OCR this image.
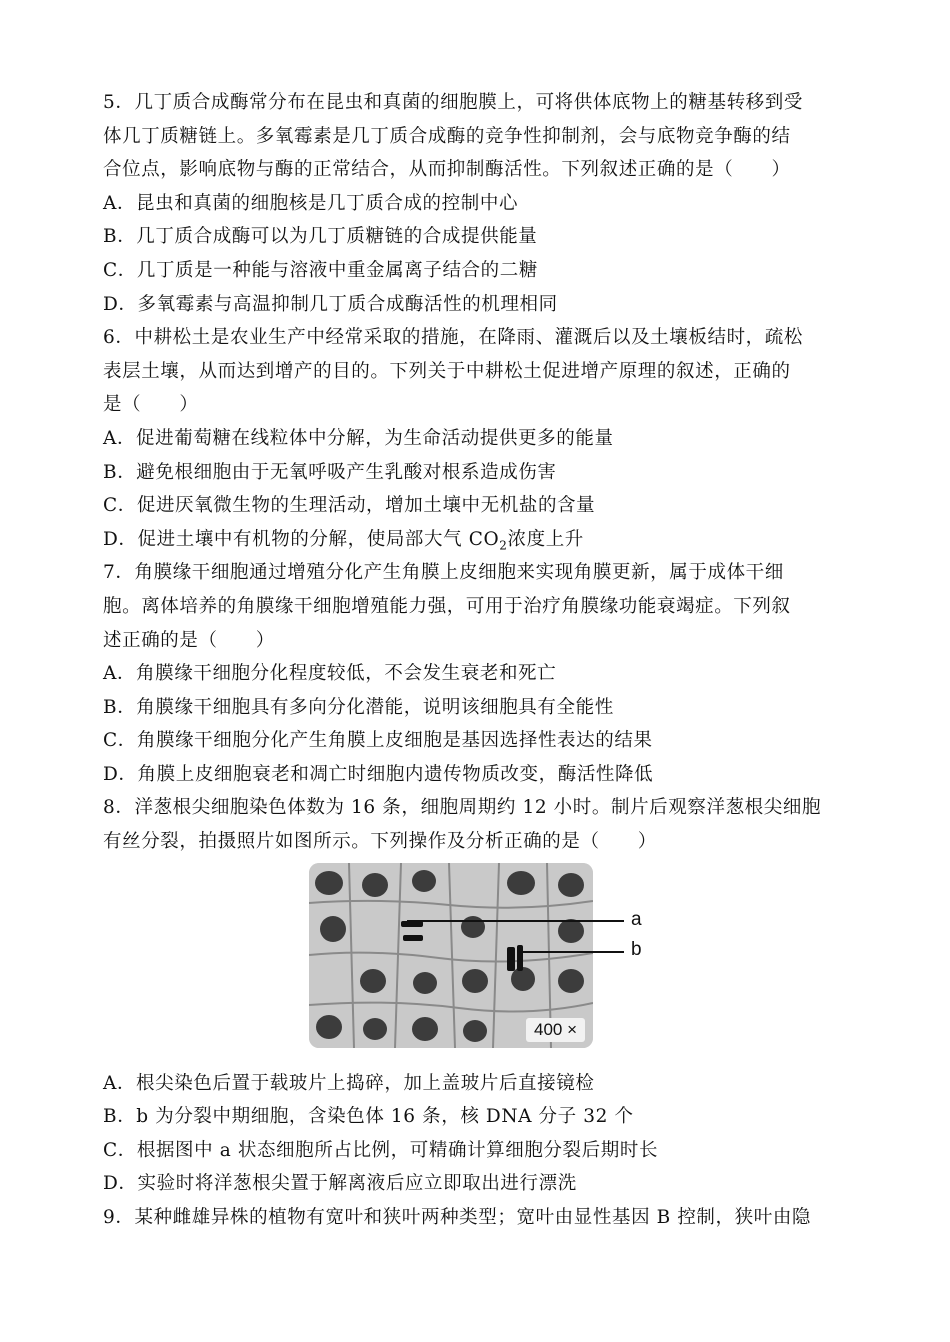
5．几丁质合成酶常分布在昆虫和真菌的细胞膜上，可将供体底物上的糖基转移到受
体几丁质糖链上。多氧霉素是几丁质合成酶的竞争性抑制剂，会与底物竞争酶的结
合位点，影响底物与酶的正常结合，从而抑制酶活性。下列叙述正确的是（　　）
A．昆虫和真菌的细胞核是几丁质合成的控制中心
B．几丁质合成酶可以为几丁质糖链的合成提供能量
C．几丁质是一种能与溶液中重金属离子结合的二糖
D．多氧霉素与高温抑制几丁质合成酶活性的机理相同
6．中耕松土是农业生产中经常采取的措施，在降雨、灌溉后以及土壤板结时，疏松
表层土壤，从而达到增产的目的。下列关于中耕松土促进增产原理的叙述，正确的
是（　　）
A．促进葡萄糖在线粒体中分解，为生命活动提供更多的能量
B．避免根细胞由于无氧呼吸产生乳酸对根系造成伤害
C．促进厌氧微生物的生理活动，增加土壤中无机盐的含量
D．促进土壤中有机物的分解，使局部大气 $CO_2$浓度上升
7．角膜缘干细胞通过增殖分化产生角膜上皮细胞来实现角膜更新，属于成体干细
胞。离体培养的角膜缘干细胞增殖能力强，可用于治疗角膜缘功能衰竭症。下列叙
述正确的是（　　）
A．角膜缘干细胞分化程度较低，不会发生衰老和死亡
B．角膜缘干细胞具有多向分化潜能，说明该细胞具有全能性
C．角膜缘干细胞分化产生角膜上皮细胞是基因选择性表达的结果
D．角膜上皮细胞衰老和凋亡时细胞内遗传物质改变，酶活性降低
8．洋葱根尖细胞染色体数为 16 条，细胞周期约 12 小时。制片后观察洋葱根尖细胞
有丝分裂，拍摄照片如图所示。下列操作及分析正确的是（　　）
400 ×
a
b
A．根尖染色后置于载玻片上捣碎，加上盖玻片后直接镜检
B．b 为分裂中期细胞，含染色体 16 条，核 DNA 分子 32 个
C．根据图中 a 状态细胞所占比例，可精确计算细胞分裂后期时长
D．实验时将洋葱根尖置于解离液后应立即取出进行漂洗
9．某种雌雄异株的植物有宽叶和狭叶两种类型；宽叶由显性基因 B 控制，狭叶由隐
